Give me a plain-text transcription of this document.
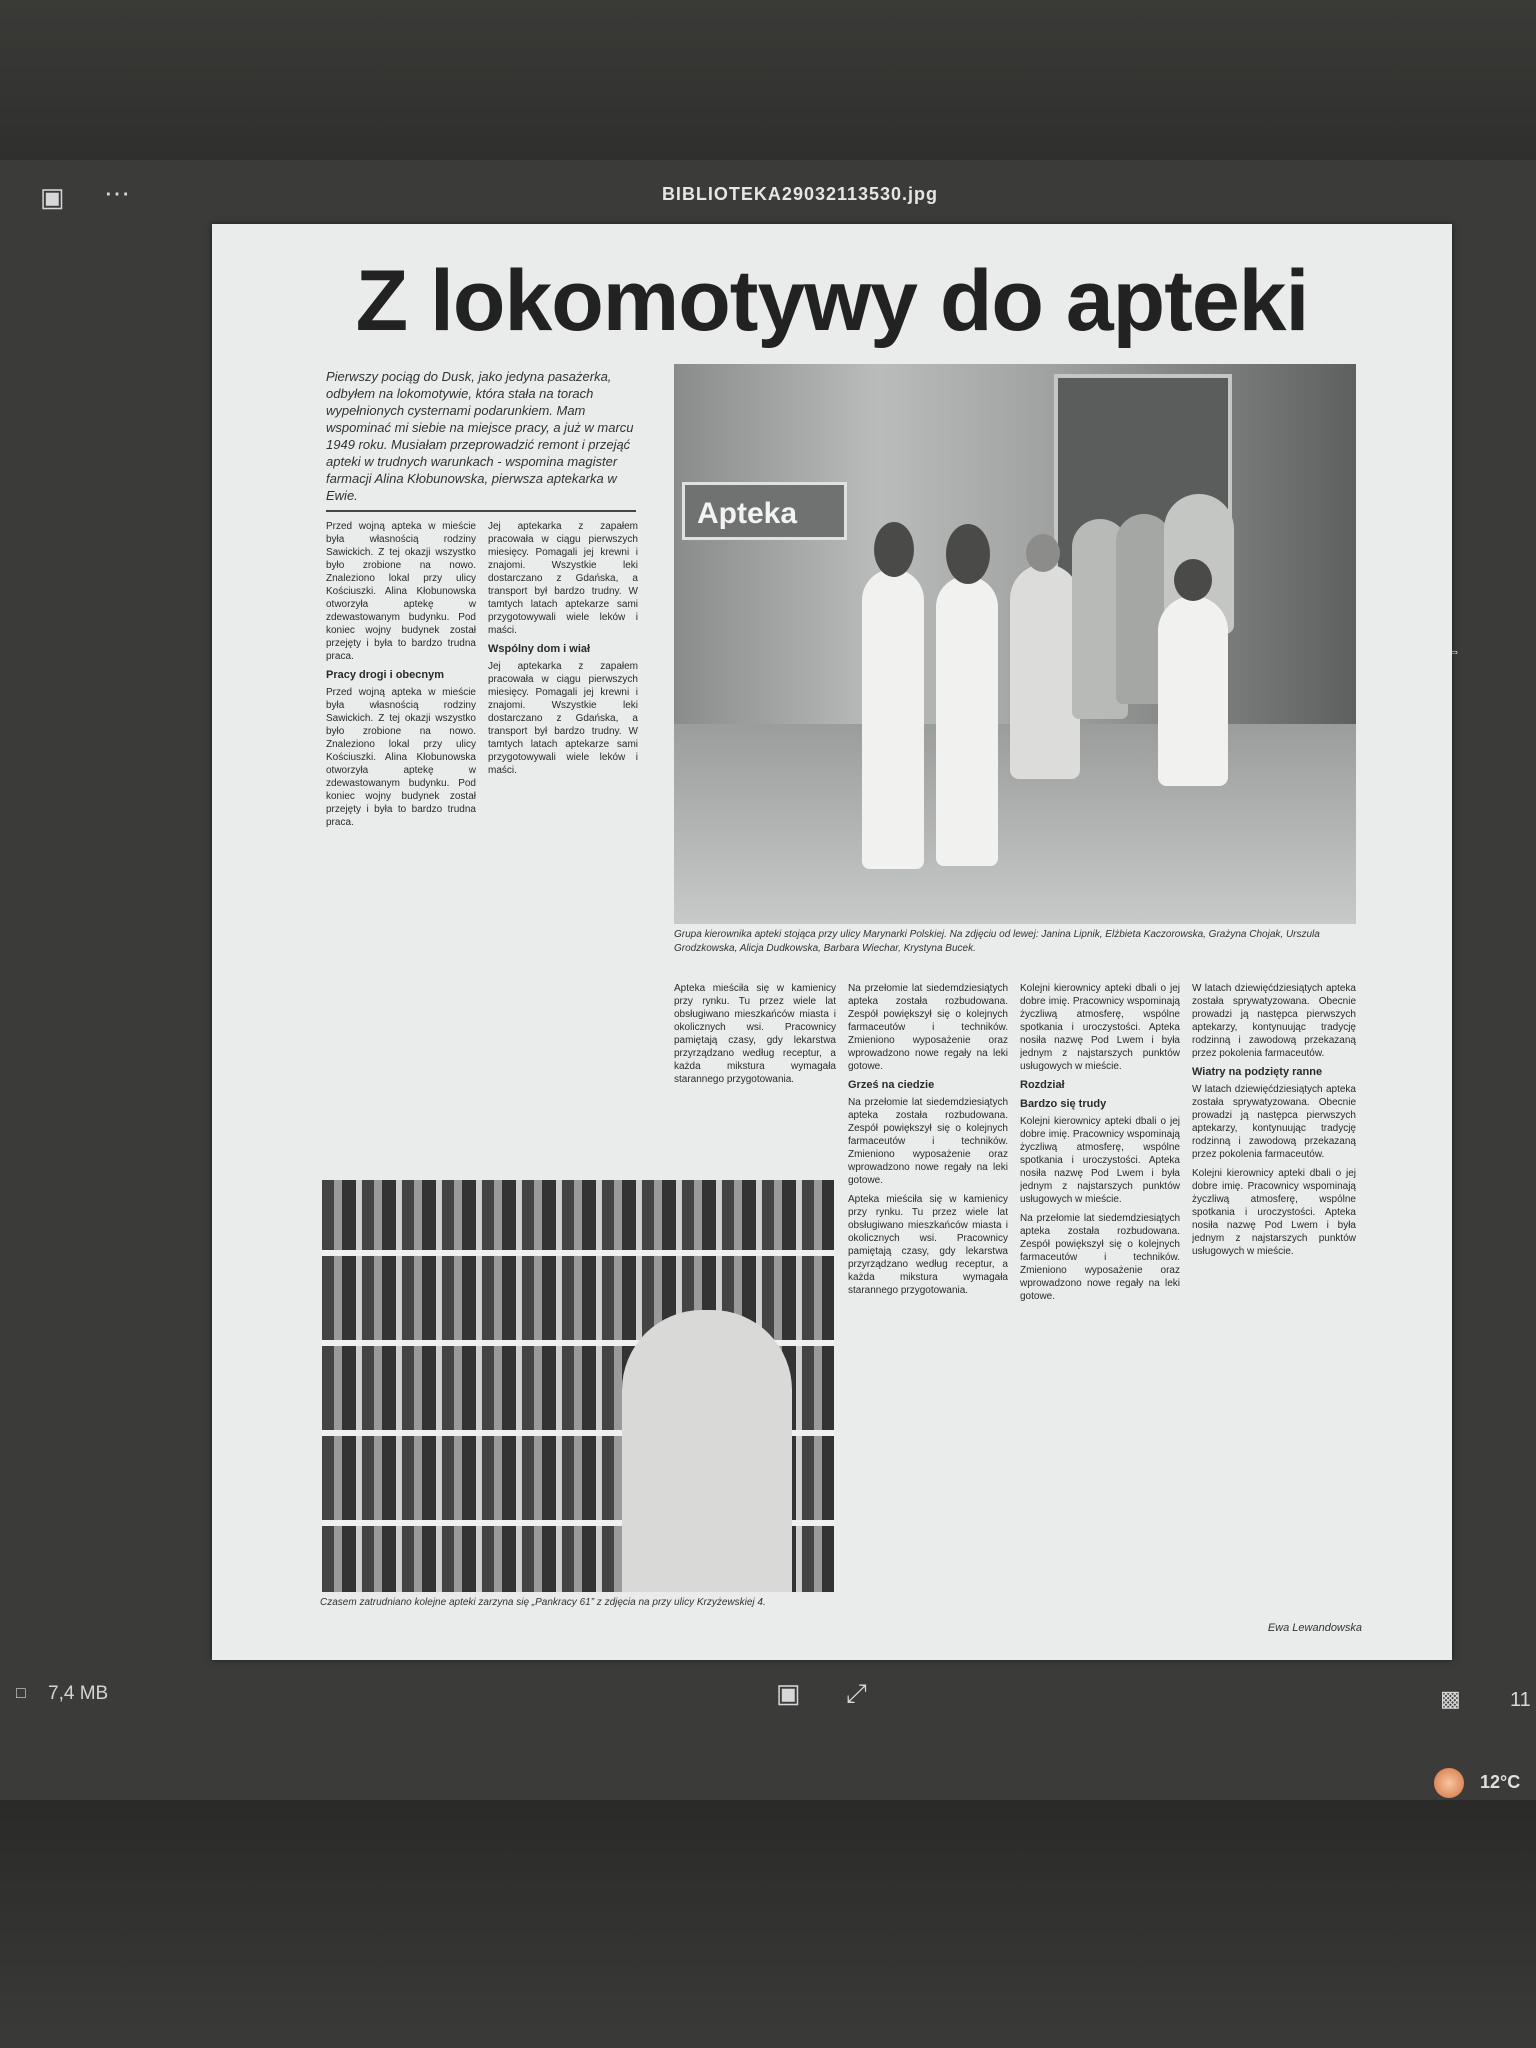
▣ ⋯	BIBLIOTEKA29032113530.jpg
Z lokomotywy do apteki
Pierwszy pociąg do Dusk, jako jedyna pasażerka, odbyłem na lokomotywie, która stała na torach wypełnionych cysternami podarunkiem. Mam wspominać mi siebie na miejsce pracy, a już w marcu 1949 roku. Musiałam przeprowadzić remont i przejąć apteki w trudnych warunkach - wspomina magister farmacji Alina Kłobunowska, pierwsza aptekarka w Ewie.

Przed wojną apteka w mieście była własnością rodziny Sawickich. Z tej okazji wszystko było zrobione na nowo. Znaleziono lokal przy ulicy Kościuszki. Alina Kłobunowska otworzyła aptekę w zdewastowanym budynku. Pod koniec wojny budynek został przejęty i była to bardzo trudna praca.

Pracy drogi i obecnym

Przed wojną apteka w mieście była własnością rodziny Sawickich. Z tej okazji wszystko było zrobione na nowo. Znaleziono lokal przy ulicy Kościuszki. Alina Kłobunowska otworzyła aptekę w zdewastowanym budynku. Pod koniec wojny budynek został przejęty i była to bardzo trudna praca.

Jej aptekarka z zapałem pracowała w ciągu pierwszych miesięcy. Pomagali jej krewni i znajomi. Wszystkie leki dostarczano z Gdańska, a transport był bardzo trudny. W tamtych latach aptekarze sami przygotowywali wiele leków i maści.

Wspólny dom i wiał

Jej aptekarka z zapałem pracowała w ciągu pierwszych miesięcy. Pomagali jej krewni i znajomi. Wszystkie leki dostarczano z Gdańska, a transport był bardzo trudny. W tamtych latach aptekarze sami przygotowywali wiele leków i maści.

Apteka
Grupa kierownika apteki stojąca przy ulicy Marynarki Polskiej. Na zdjęciu od lewej: Janina Lipnik, Elżbieta Kaczorowska, Grażyna Chojak, Urszula Grodzkowska, Alicja Dudkowska, Barbara Wiechar, Krystyna Bucek.

Apteka mieściła się w kamienicy przy rynku. Tu przez wiele lat obsługiwano mieszkańców miasta i okolicznych wsi. Pracownicy pamiętają czasy, gdy lekarstwa przyrządzano według receptur, a każda mikstura wymagała starannego przygotowania.

Na przełomie lat siedemdziesiątych apteka została rozbudowana. Zespół powiększył się o kolejnych farmaceutów i techników. Zmieniono wyposażenie oraz wprowadzono nowe regały na leki gotowe.

Grześ na ciedzie

Na przełomie lat siedemdziesiątych apteka została rozbudowana. Zespół powiększył się o kolejnych farmaceutów i techników. Zmieniono wyposażenie oraz wprowadzono nowe regały na leki gotowe.

Apteka mieściła się w kamienicy przy rynku. Tu przez wiele lat obsługiwano mieszkańców miasta i okolicznych wsi. Pracownicy pamiętają czasy, gdy lekarstwa przyrządzano według receptur, a każda mikstura wymagała starannego przygotowania.

Kolejni kierownicy apteki dbali o jej dobre imię. Pracownicy wspominają życzliwą atmosferę, wspólne spotkania i uroczystości. Apteka nosiła nazwę Pod Lwem i była jednym z najstarszych punktów usługowych w mieście.

Rozdział
Bardzo się trudy

Kolejni kierownicy apteki dbali o jej dobre imię. Pracownicy wspominają życzliwą atmosferę, wspólne spotkania i uroczystości. Apteka nosiła nazwę Pod Lwem i była jednym z najstarszych punktów usługowych w mieście.

Na przełomie lat siedemdziesiątych apteka została rozbudowana. Zespół powiększył się o kolejnych farmaceutów i techników. Zmieniono wyposażenie oraz wprowadzono nowe regały na leki gotowe.

W latach dziewięćdziesiątych apteka została sprywatyzowana. Obecnie prowadzi ją następca pierwszych aptekarzy, kontynuując tradycję rodzinną i zawodową przekazaną przez pokolenia farmaceutów.

Wiatry na podzięty ranne

W latach dziewięćdziesiątych apteka została sprywatyzowana. Obecnie prowadzi ją następca pierwszych aptekarzy, kontynuując tradycję rodzinną i zawodową przekazaną przez pokolenia farmaceutów.

Kolejni kierownicy apteki dbali o jej dobre imię. Pracownicy wspominają życzliwą atmosferę, wspólne spotkania i uroczystości. Apteka nosiła nazwę Pod Lwem i była jednym z najstarszych punktów usługowych w mieście.

Czasem zatrudniano kolejne apteki zarzyna się „Pankracy 61” z zdjęcia na przy ulicy Krzyżewskiej 4.
Ewa Lewandowska
☞
□ 7,4 MB	▣ ⤢	▩ 11
12°C
